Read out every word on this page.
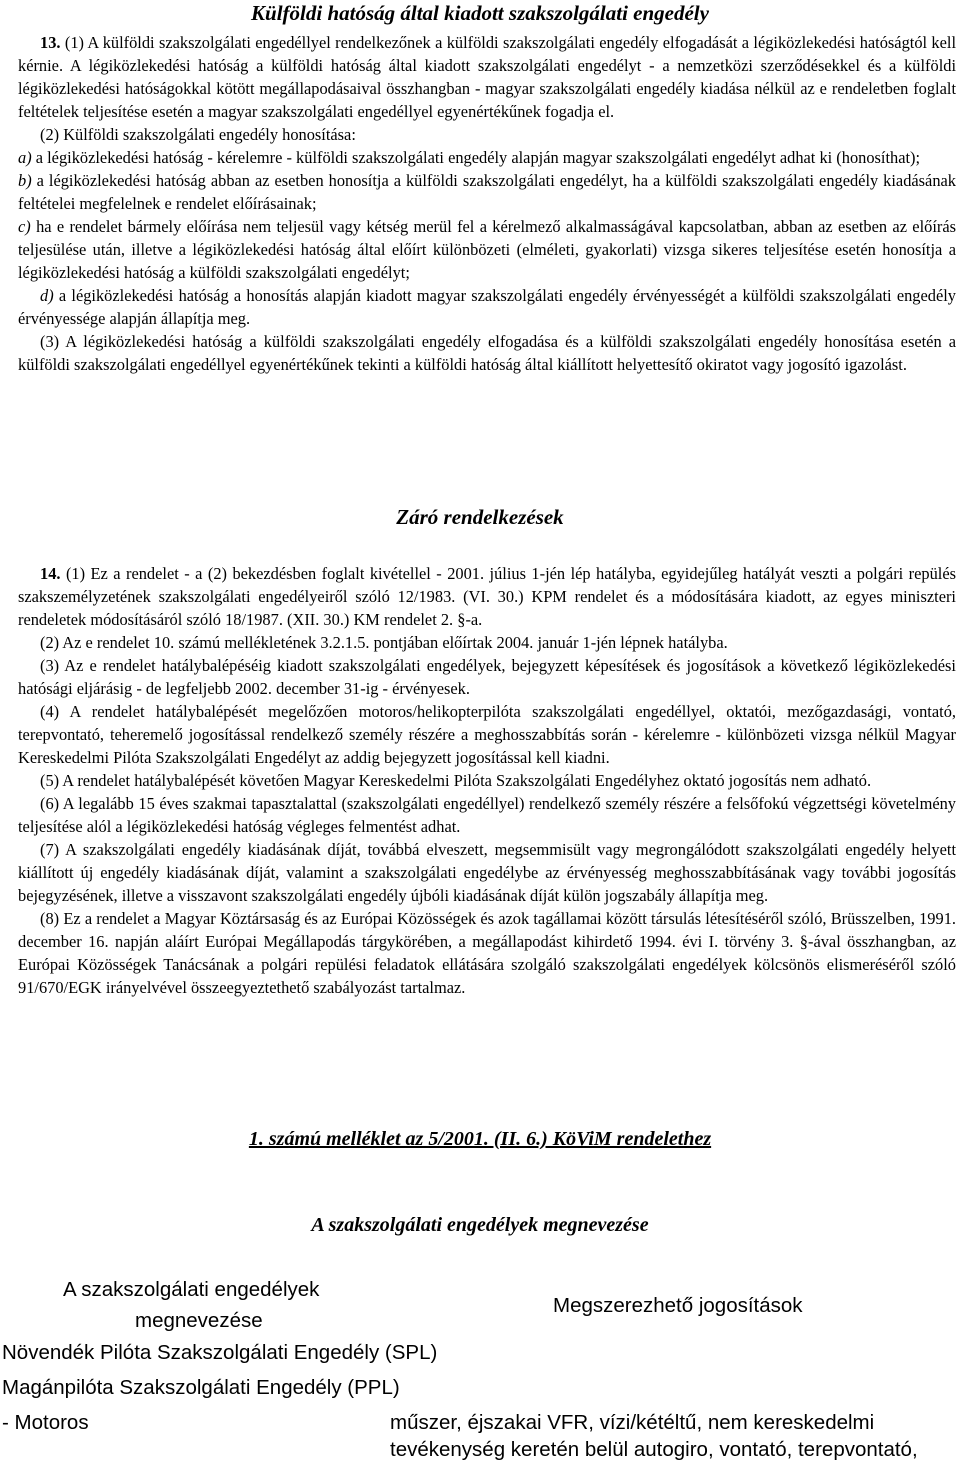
Külföldi hatóság által kiadott szakszolgálati engedély

13. (1) A külföldi szakszolgálati engedéllyel rendelkezőnek a külföldi szakszolgálati engedély elfogadását a légiközlekedési hatóságtól kell kérnie. A légiközlekedési hatóság a külföldi hatóság által kiadott szakszolgálati engedélyt - a nemzetközi szerződésekkel és a külföldi légiközlekedési hatóságokkal kötött megállapodásaival összhangban - magyar szakszolgálati engedély kiadása nélkül az e rendeletben foglalt feltételek teljesítése esetén a magyar szakszolgálati engedéllyel egyenértékűnek fogadja el.

(2) Külföldi szakszolgálati engedély honosítása:

a) a légiközlekedési hatóság - kérelemre - külföldi szakszolgálati engedély alapján magyar szakszolgálati engedélyt adhat ki (honosíthat);

b) a légiközlekedési hatóság abban az esetben honosítja a külföldi szakszolgálati engedélyt, ha a külföldi szakszolgálati engedély kiadásának feltételei megfelelnek e rendelet előírásainak;

c) ha e rendelet bármely előírása nem teljesül vagy kétség merül fel a kérelmező alkalmasságával kapcsolatban, abban az esetben az előírás teljesülése után, illetve a légiközlekedési hatóság által előírt különbözeti (elméleti, gyakorlati) vizsga sikeres teljesítése esetén honosítja a légiközlekedési hatóság a külföldi szakszolgálati engedélyt;

d) a légiközlekedési hatóság a honosítás alapján kiadott magyar szakszolgálati engedély érvényességét a külföldi szakszolgálati engedély érvényessége alapján állapítja meg.

(3) A légiközlekedési hatóság a külföldi szakszolgálati engedély elfogadása és a külföldi szakszolgálati engedély honosítása esetén a külföldi szakszolgálati engedéllyel egyenértékűnek tekinti a külföldi hatóság által kiállított helyettesítő okiratot vagy jogosító igazolást.

Záró rendelkezések

14. (1) Ez a rendelet - a (2) bekezdésben foglalt kivétellel - 2001. július 1-jén lép hatályba, egyidejűleg hatályát veszti a polgári repülés szakszemélyzetének szakszolgálati engedélyeiről szóló 12/1983. (VI. 30.) KPM rendelet és a módosítására kiadott, az egyes miniszteri rendeletek módosításáról szóló 18/1987. (XII. 30.) KM rendelet 2. §-a.

(2) Az e rendelet 10. számú mellékletének 3.2.1.5. pontjában előírtak 2004. január 1-jén lépnek hatályba.

(3) Az e rendelet hatálybalépéséig kiadott szakszolgálati engedélyek, bejegyzett képesítések és jogosítások a következő légiközlekedési hatósági eljárásig - de legfeljebb 2002. december 31-ig - érvényesek.

(4) A rendelet hatálybalépését megelőzően motoros/helikopterpilóta szakszolgálati engedéllyel, oktatói, mezőgazdasági, vontató, terepvontató, teheremelő jogosítással rendelkező személy részére a meghosszabbítás során - kérelemre - különbözeti vizsga nélkül Magyar Kereskedelmi Pilóta Szakszolgálati Engedélyt az addig bejegyzett jogosítással kell kiadni.

(5) A rendelet hatálybalépését követően Magyar Kereskedelmi Pilóta Szakszolgálati Engedélyhez oktató jogosítás nem adható.

(6) A legalább 15 éves szakmai tapasztalattal (szakszolgálati engedéllyel) rendelkező személy részére a felsőfokú végzettségi követelmény teljesítése alól a légiközlekedési hatóság végleges felmentést adhat.

(7) A szakszolgálati engedély kiadásának díját, továbbá elveszett, megsemmisült vagy megrongálódott szakszolgálati engedély helyett kiállított új engedély kiadásának díját, valamint a szakszolgálati engedélybe az érvényesség meghosszabbításának vagy további jogosítás bejegyzésének, illetve a visszavont szakszolgálati engedély újbóli kiadásának díját külön jogszabály állapítja meg.

(8) Ez a rendelet a Magyar Köztársaság és az Európai Közösségek és azok tagállamai között társulás létesítéséről szóló, Brüsszelben, 1991. december 16. napján aláírt Európai Megállapodás tárgykörében, a megállapodást kihirdető 1994. évi I. törvény 3. §-ával összhangban, az Európai Közösségek Tanácsának a polgári repülési feladatok ellátására szolgáló szakszolgálati engedélyek kölcsönös elismeréséről szóló 91/670/EGK irányelvével összeegyeztethető szabályozást tartalmaz.

1. számú melléklet az 5/2001. (II. 6.) KöViM rendelethez
A szakszolgálati engedélyek megnevezése
A szakszolgálati engedélyek
megnevezése
Megszerezhető jogosítások
Növendék Pilóta Szakszolgálati Engedély (SPL)
Magánpilóta Szakszolgálati Engedély (PPL)
- Motoros	műszer, éjszakai VFR, vízi/kétéltű, nem kereskedelmi
tevékenység keretén belül autogiro, vontató, terepvontató,
